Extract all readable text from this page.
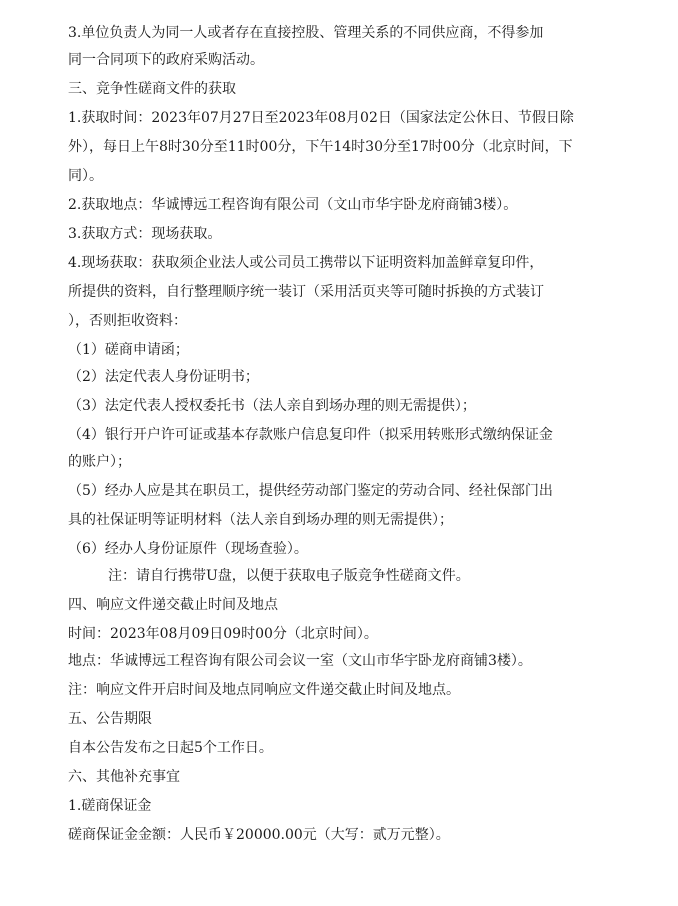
3.单位负责人为同一人或者存在直接控股、管理关系的不同供应商，不得参加
同一合同项下的政府采购活动。
三、竞争性磋商文件的获取
1.获取时间：2023年07月27日至2023年08月02日（国家法定公休日、节假日除
外），每日上午8时30分至11时00分，下午14时30分至17时00分（北京时间，下
同）。
2.获取地点：华诚博远工程咨询有限公司（文山市华宇卧龙府商铺3楼）。
3.获取方式：现场获取。
4.现场获取：获取须企业法人或公司员工携带以下证明资料加盖鲜章复印件，
所提供的资料，自行整理顺序统一装订（采用活页夹等可随时拆换的方式装订
），否则拒收资料：
（1）磋商申请函；
（2）法定代表人身份证明书；
（3）法定代表人授权委托书（法人亲自到场办理的则无需提供）；
（4）银行开户许可证或基本存款账户信息复印件（拟采用转账形式缴纳保证金
的账户）；
（5）经办人应是其在职员工，提供经劳动部门鉴定的劳动合同、经社保部门出
具的社保证明等证明材料（法人亲自到场办理的则无需提供）；
（6）经办人身份证原件（现场查验）。
注：请自行携带U盘，以便于获取电子版竞争性磋商文件。
四、响应文件递交截止时间及地点
时间：2023年08月09日09时00分（北京时间）。
地点：华诚博远工程咨询有限公司会议一室（文山市华宇卧龙府商铺3楼）。
注：响应文件开启时间及地点同响应文件递交截止时间及地点。
五、公告期限
自本公告发布之日起5个工作日。
六、其他补充事宜
1.磋商保证金
磋商保证金金额：人民币￥20000.00元（大写：贰万元整）。
